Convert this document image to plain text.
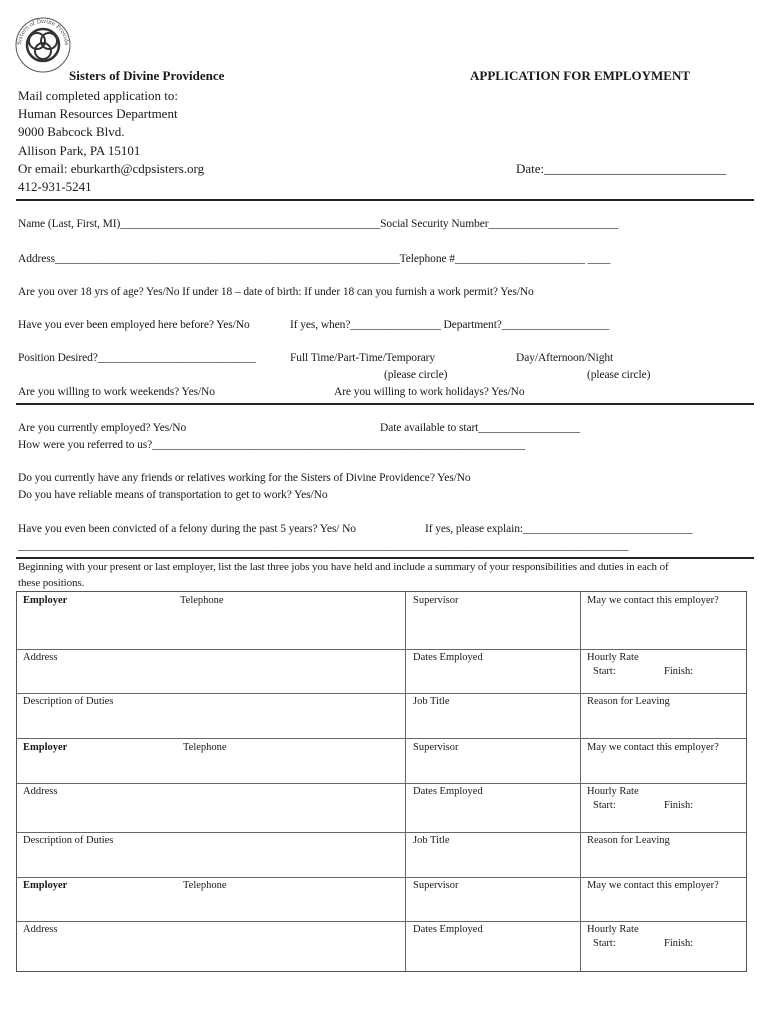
Sisters of Divine Provide
Sisters of Divine Providence	APPLICATION FOR EMPLOYMENT
Mail completed application to:
Human Resources Department
9000 Babcock Blvd.
Allison Park, PA 15101
Or email: eburkarth@cdpsisters.org
412-931-5241
Date:____________________________
Name (Last, First, MI)______________________________________________Social Security Number_______________________
Address_____________________________________________________________Telephone #_______________________ ____
Are you over 18 yrs of age? Yes/No If under 18 – date of birth: If under 18 can you furnish a work permit? Yes/No
Have you ever been employed here before? Yes/No	If yes, when?________________ Department?___________________
Position Desired?____________________________	Full Time/Part-Time/Temporary
(please circle)
Day/Afternoon/Night
(please circle)
Are you willing to work weekends? Yes/No	Are you willing to work holidays? Yes/No
Are you currently employed? Yes/No	Date available to start__________________
How were you referred to us?__________________________________________________________________
Do you currently have any friends or relatives working for the Sisters of Divine Providence? Yes/No
Do you have reliable means of transportation to get to work? Yes/No
Have you even been convicted of a felony during the past 5 years? Yes/ No	If yes, please explain:______________________________
____________________________________________________________________________________________________________
Beginning with your present or last employer, list the last three jobs you have held and include a summary of your responsibilities and duties in each of
these positions.
Employer	Telephone	Supervisor	May we contact this employer?
Address	Dates Employed	Hourly Rate
Start:	Finish:
Description of Duties	Job Title	Reason for Leaving
Employer	Telephone	Supervisor	May we contact this employer?
Address	Dates Employed	Hourly Rate
Start:	Finish:
Description of Duties	Job Title	Reason for Leaving
Employer	Telephone	Supervisor	May we contact this employer?
Address	Dates Employed	Hourly Rate
Start:	Finish:
